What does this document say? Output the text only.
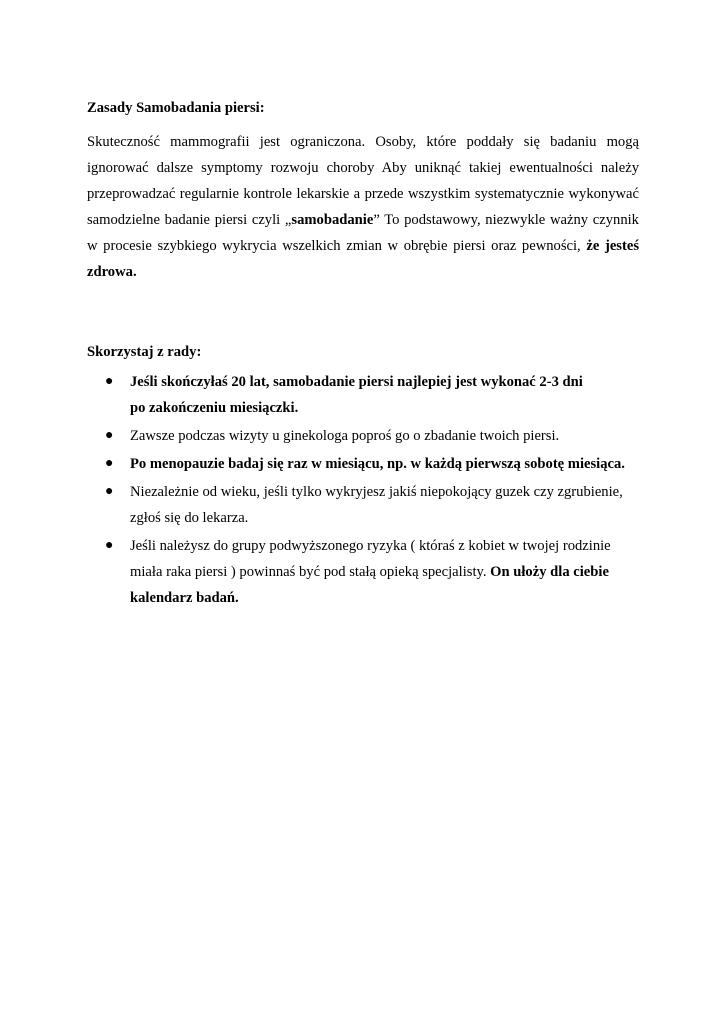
Zasady Samobadania piersi:

Skuteczność mammografii jest ograniczona. Osoby, które poddały się badaniu mogą ignorować dalsze symptomy rozwoju choroby Aby uniknąć takiej ewentualności należy przeprowadzać regularnie kontrole lekarskie a przede wszystkim systematycznie wykonywać samodzielne badanie piersi czyli „samobadanie” To podstawowy, niezwykle ważny czynnik w procesie szybkiego wykrycia wszelkich zmian w obrębie piersi oraz pewności, że jesteś zdrowa.

Skorzystaj z rady:

● Jeśli skończyłaś 20 lat, samobadanie piersi najlepiej jest wykonać 2-3 dni
po zakończeniu miesiączki.
● Zawsze podczas wizyty u ginekologa poproś go o zbadanie twoich piersi.
● Po menopauzie badaj się raz w miesiącu, np. w każdą pierwszą sobotę miesiąca.
● Niezależnie od wieku, jeśli tylko wykryjesz jakiś niepokojący guzek czy zgrubienie,
zgłoś się do lekarza.
● Jeśli należysz do grupy podwyższonego ryzyka ( któraś z kobiet w twojej rodzinie
miała raka piersi ) powinnaś być pod stałą opieką specjalisty. On ułoży dla ciebie kalendarz badań.
